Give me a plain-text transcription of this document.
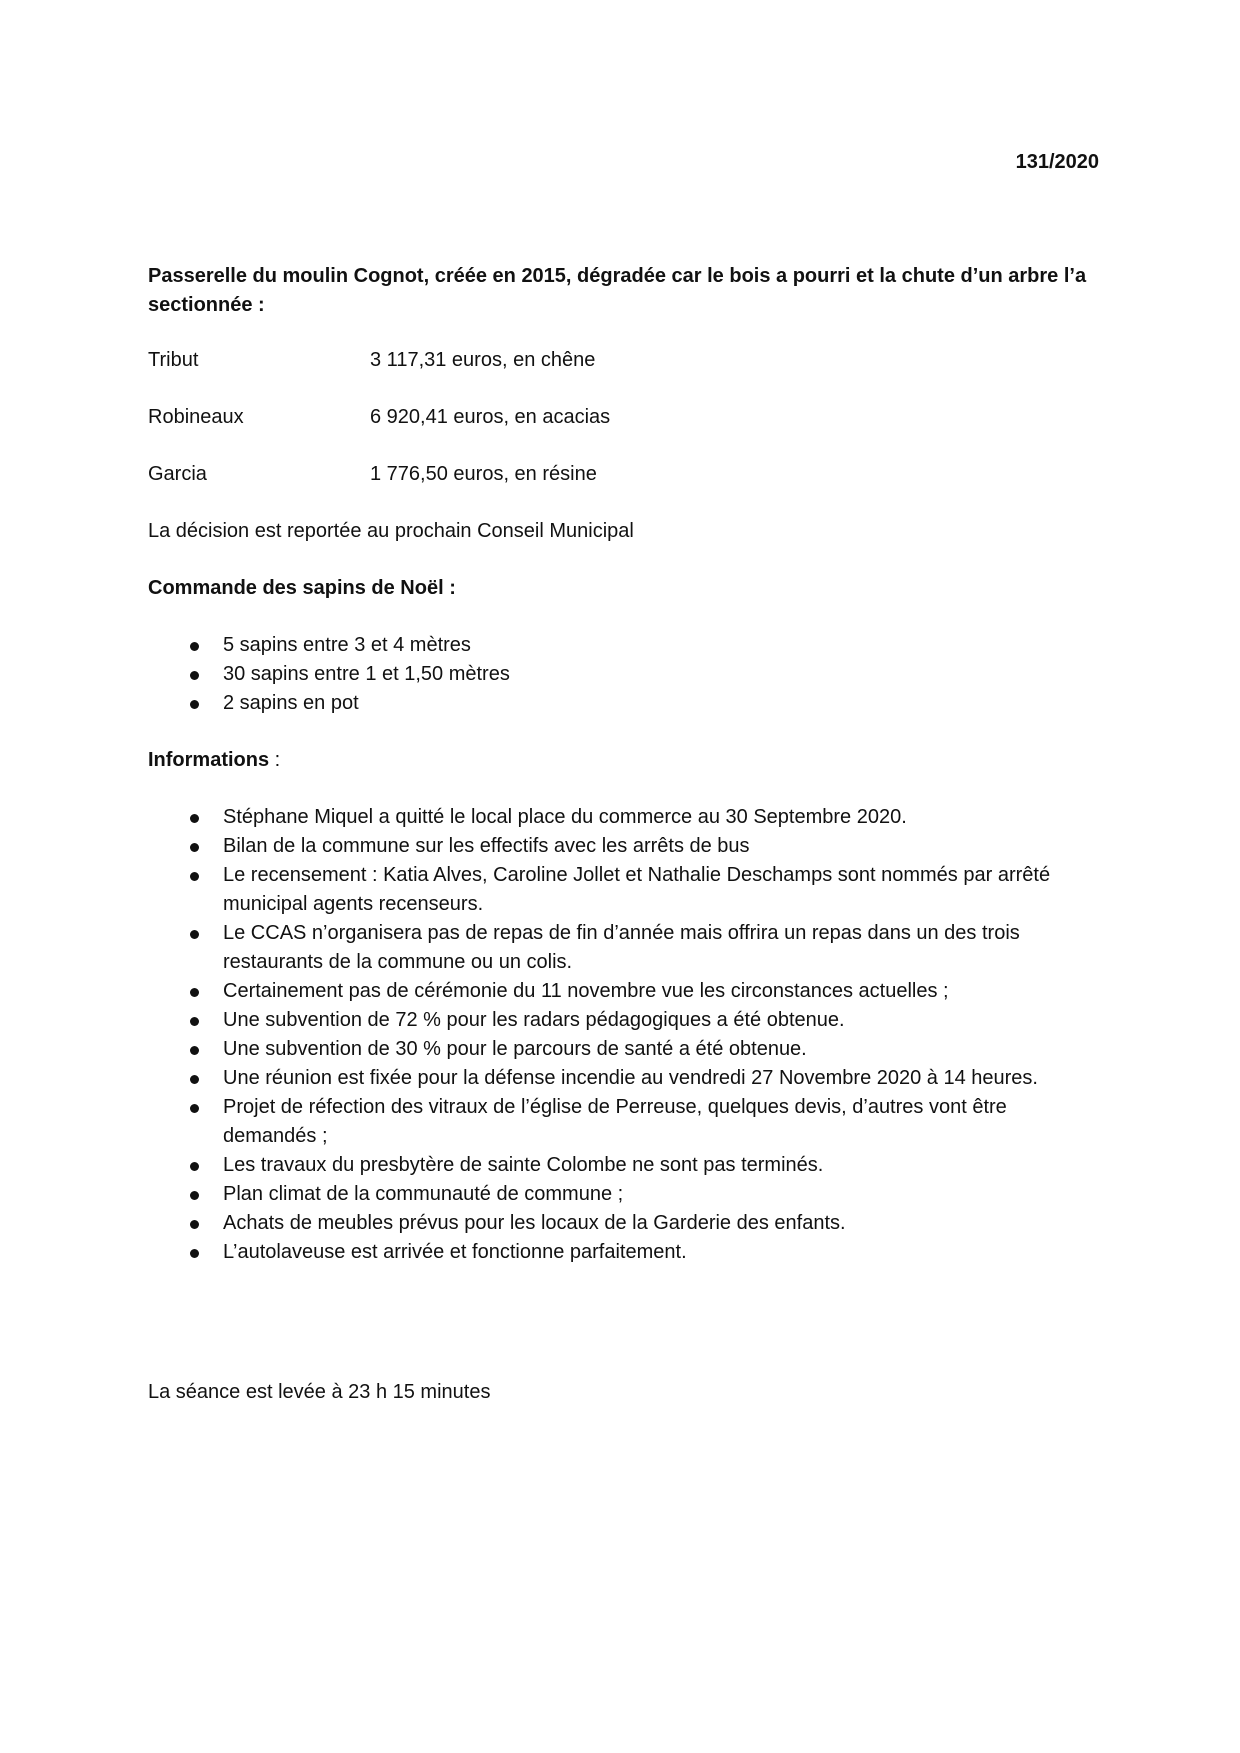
131/2020

Passerelle du moulin Cognot, créée en 2015, dégradée car le bois a pourri et la chute d’un arbre l’a sectionnée :

Tribut	3 117,31 euros, en chêne
Robineaux	6 920,41 euros, en acacias
Garcia	1 776,50 euros, en résine

La décision est reportée au prochain Conseil Municipal

Commande des sapins de Noël :

5 sapins entre 3 et 4 mètres
30 sapins entre 1 et 1,50 mètres
2 sapins en pot

Informations :

Stéphane Miquel a quitté le local place du commerce au 30 Septembre 2020.
Bilan de la commune sur les effectifs avec les arrêts de bus
Le recensement : Katia Alves, Caroline Jollet et Nathalie Deschamps sont nommés par arrêté municipal agents recenseurs.
Le CCAS n’organisera pas de repas de fin d’année mais offrira un repas dans un des trois restaurants de la commune ou un colis.
Certainement pas de cérémonie du 11 novembre vue les circonstances actuelles ;
Une subvention de 72 % pour les radars pédagogiques a été obtenue.
Une subvention de 30 % pour le parcours de santé a été obtenue.
Une réunion est fixée pour la défense incendie au vendredi 27 Novembre 2020 à 14 heures.
Projet de réfection des vitraux de l’église de Perreuse, quelques devis, d’autres vont être demandés ;
Les travaux du presbytère de sainte Colombe ne sont pas terminés.
Plan climat de la communauté de commune ;
Achats de meubles prévus pour les locaux de la Garderie des enfants.
L’autolaveuse est arrivée et fonctionne parfaitement.

La séance est levée à 23 h 15 minutes
